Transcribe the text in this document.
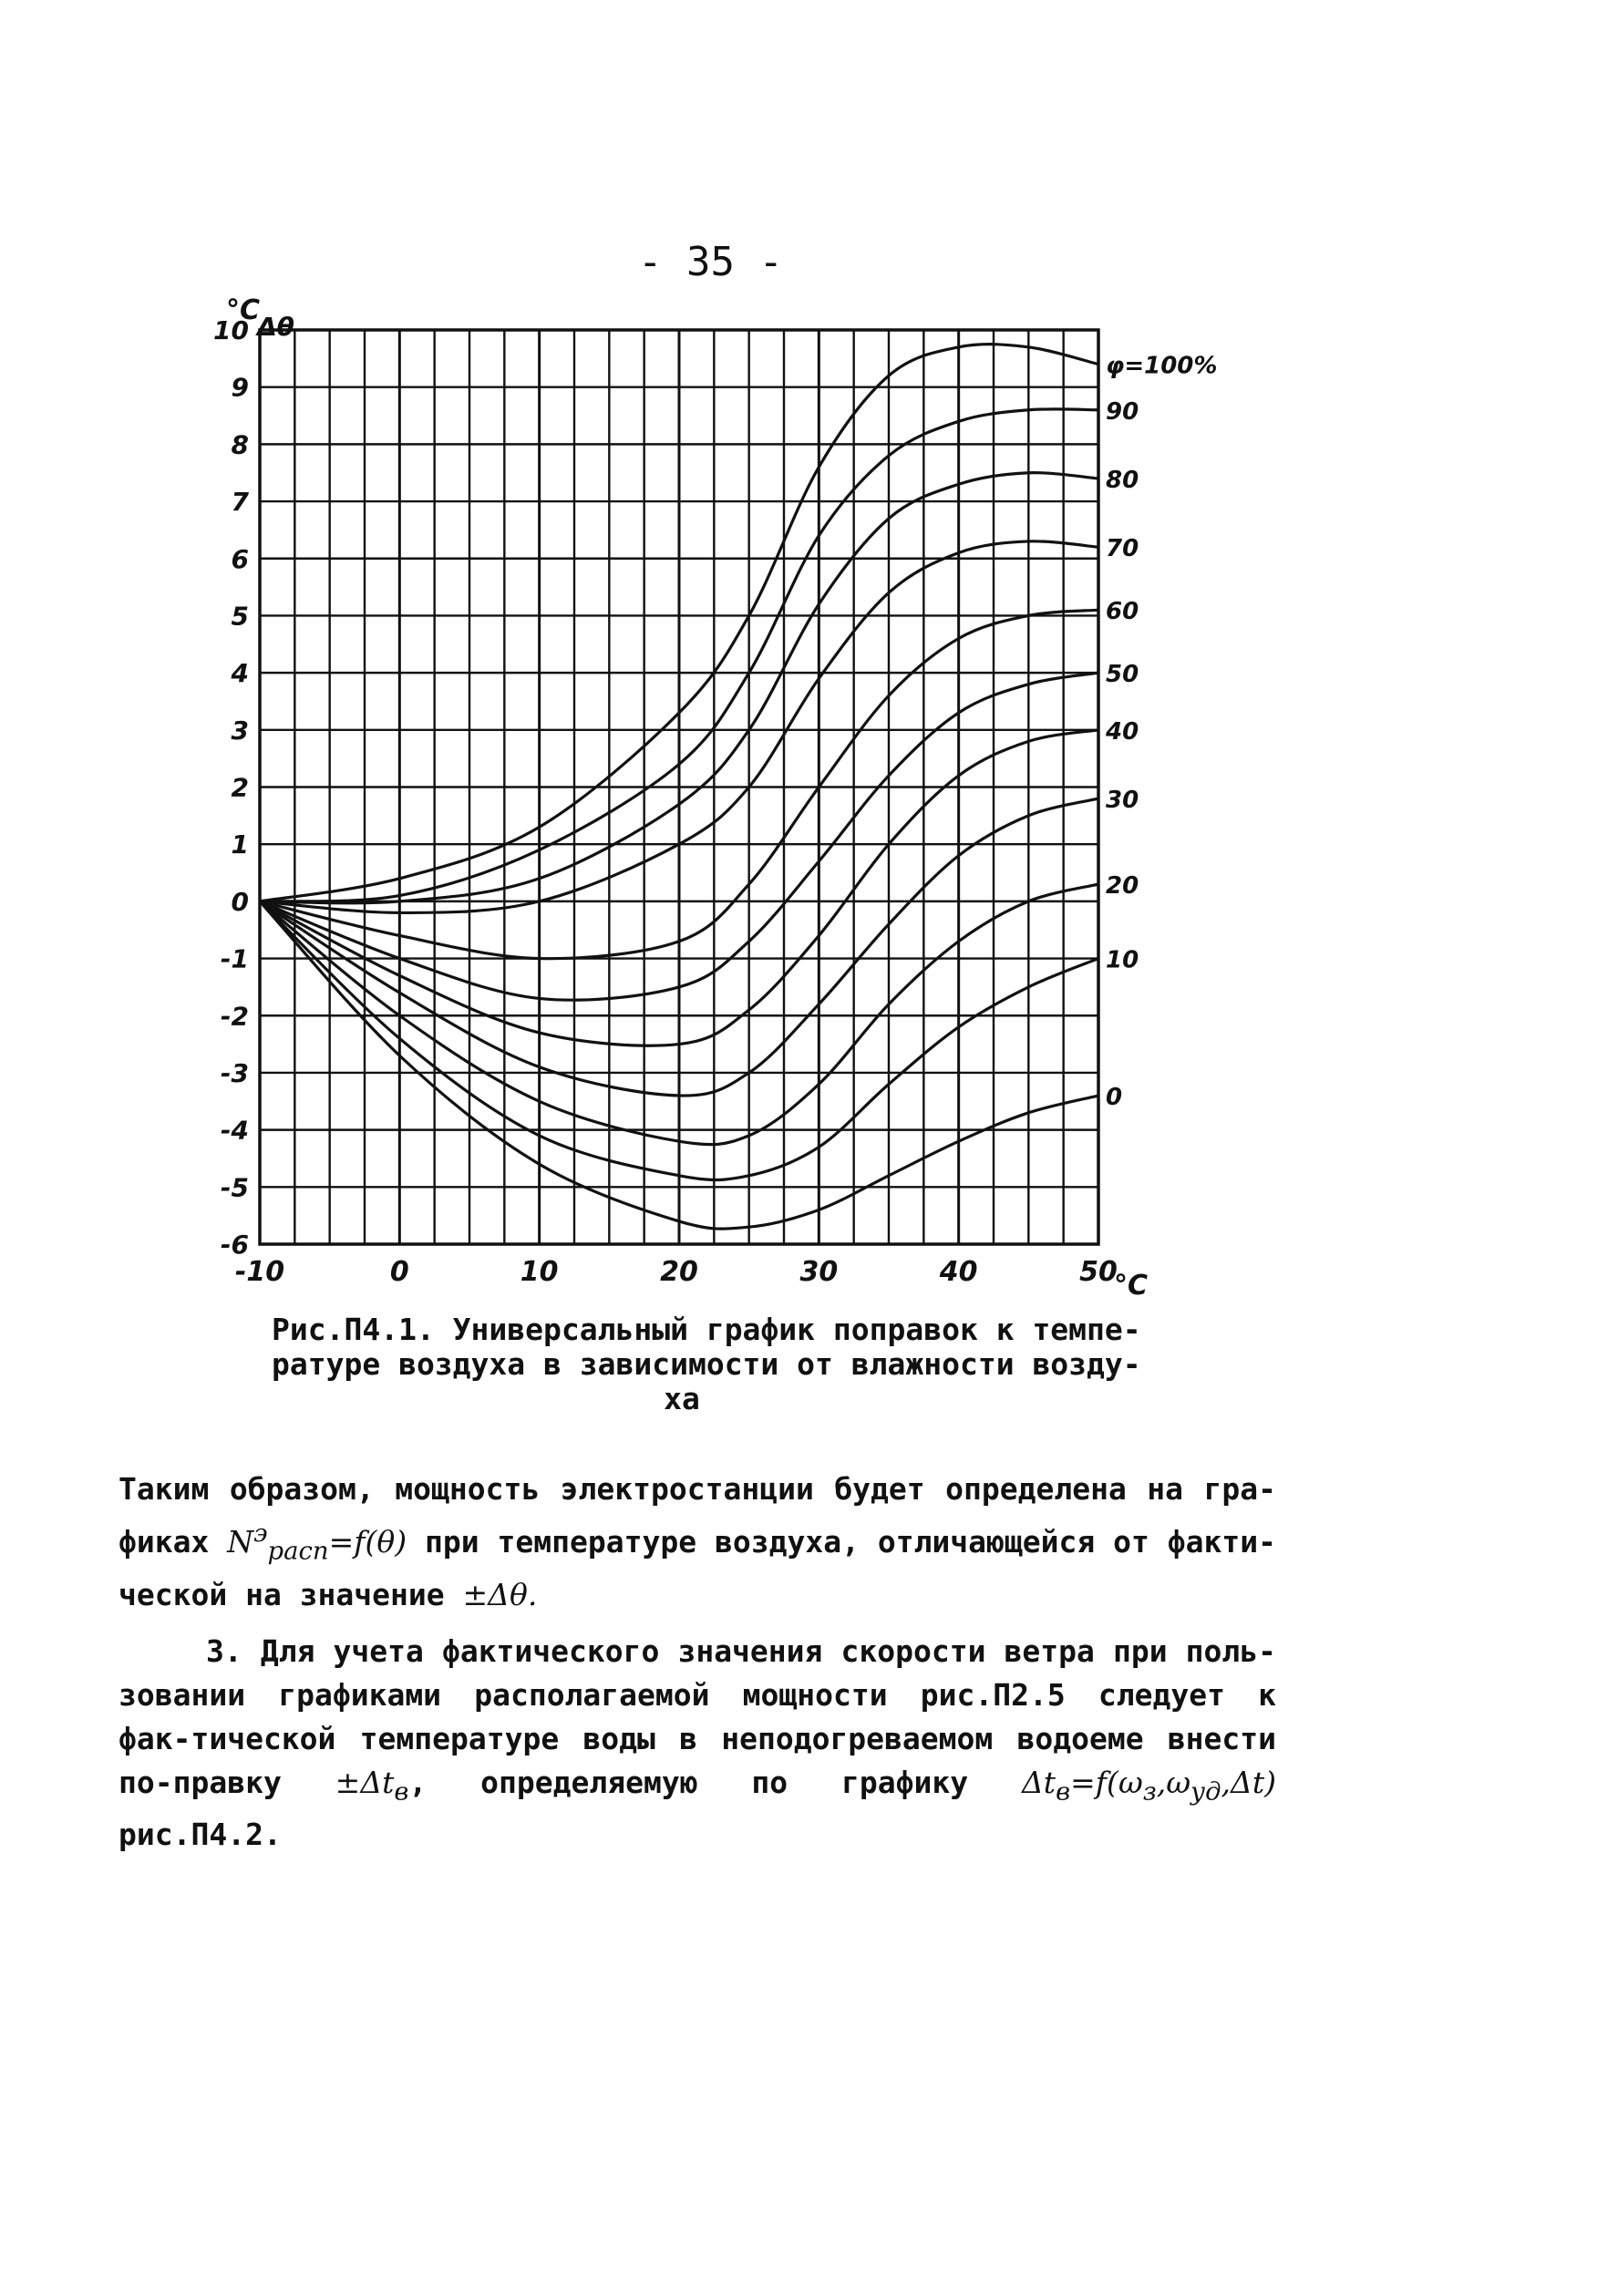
- 35 -
10
9
8
7
6
5
4
3
2
1
0
-1
-2
-3
-4
-5
-6
-10	0	10	20	30	40	50
φ=100%
90
80
70
60
50
40
30
20
10
0
°C
Δθ
°C
Рис.П4.1. Универсальный график поправок к темпе-
ратуре воздуха в зависимости от влажности возду-

ха

Таким образом, мощность электростанции будет определена на гра-фиках $N^э_{расп}=f(\theta)$ при температуре воздуха, отличающейся от факти-ческой на значение ±Δθ.

3. Для учета фактического значения скорости ветра при поль-зовании графиками располагаемой мощности рис.П2.5 следует к фак-тической температуре воды в неподогреваемом водоеме внести по-правку $\pm\Delta t_в$, определяемую по графику $\Delta t_в=f(\omega_з,\omega_{уд},\Delta t)$ рис.П4.2.
